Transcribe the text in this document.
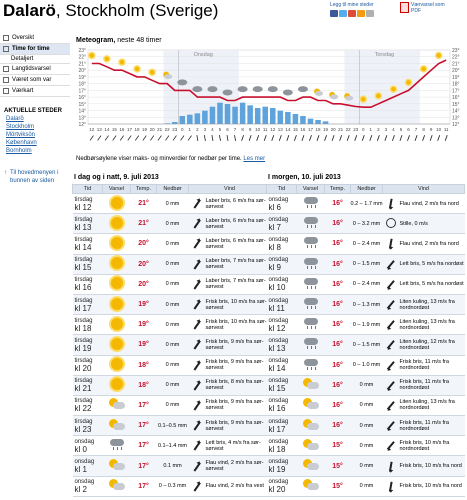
Dalarö, Stockholm (Sverige)	Legg til mine steder	Værvarsel som PDF
Oversikt
Time for time
Detaljert
Langtidsvarsel
Været som var
Værkart
AKTUELLE STEDER
Dalarö
Stockholm
Mörtviksön
København
Bornholm
↑ Til hovedmenyen i bunnen av siden
Meteogram, neste 48 timer
23°	23°
22°	22°
21°	21°
20°	20°
19°	19°
18°	18°
17°	17°
16°	16°
15°	15°
14°	14°
13°	13°
12°	12°
Onsdag	Torsdag
12 13 14 15 16 17 18 19 20 21 22 23 0 1 2 3 4 5 6 7 8 9 10 11 12 13 14 15 16 17 18 19 20 21 22 23 0 1 2 3 4 5 6 7 8 9 10 11
Nedbørsøylene viser maks- og minverdier for nedbør per time. Les mer
I dag og i natt, 9. juli 2013
Tid	Varsel	Temp.	Nedbør	Vind	

tirsdag
kl 12		21°	0 mm		Laber bris, 6 m/s fra sør-sørvest

tirsdag
kl 13		21°	0 mm		Laber bris, 6 m/s fra sør-sørvest

tirsdag
kl 14		20°	0 mm		Laber bris, 6 m/s fra sør-sørvest

tirsdag
kl 15		20°	0 mm		Laber bris, 7 m/s fra sør-sørvest

tirsdag
kl 16		20°	0 mm		Laber bris, 7 m/s fra sør-sørvest

tirsdag
kl 17		19°	0 mm		Frisk bris, 10 m/s fra sør-sørvest

tirsdag
kl 18		19°	0 mm		Frisk bris, 10 m/s fra sør-sørvest

tirsdag
kl 19		19°	0 mm		Frisk bris, 9 m/s fra sør-sørvest

tirsdag
kl 20		18°	0 mm		Frisk bris, 9 m/s fra sør-sørvest

tirsdag
kl 21		18°	0 mm		Frisk bris, 8 m/s fra sør-sørvest

tirsdag
kl 22		17°	0 mm		Frisk bris, 9 m/s fra sør-sørvest

tirsdag
kl 23		17°	0.1–0.5 mm		Frisk bris, 9 m/s fra sør-sørvest

onsdag
kl 0		17°	0.1–1.4 mm		Lett bris, 4 m/s fra sør-sørvest

onsdag
kl 1		17°	0.1 mm		Flau vind, 2 m/s fra sør-sørvest

onsdag
kl 2		17°	0 – 0.3 mm		Flau vind, 2 m/s fra vest
I morgen, 10. juli 2013
Tid	Varsel	Temp.	Nedbør	Vind	

onsdag
kl 6		16°	0.2 – 1.7 mm		Flau vind, 2 m/s fra nord

onsdag
kl 7		16°	0 – 3.2 mm		Stille, 0 m/s

onsdag
kl 8		16°	0 – 2.4 mm		Flau vind, 2 m/s fra nord

onsdag
kl 9		16°	0 – 1.5 mm		Lett bris, 5 m/s fra nordøst

onsdag
kl 10		16°	0 – 2.4 mm		Lett bris, 5 m/s fra nordøst

onsdag
kl 11		16°	0 – 1.3 mm		Liten kuling, 13 m/s fra nordnordøst

onsdag
kl 12		16°	0 – 1.9 mm		Liten kuling, 13 m/s fra nordnordøst

onsdag
kl 13		16°	0 – 1.5 mm		Liten kuling, 12 m/s fra nordnordøst

onsdag
kl 14		16°	0 – 1.0 mm		Frisk bris, 11 m/s fra nordnordøst

onsdag
kl 15		16°	0 mm		Frisk bris, 11 m/s fra nordnordøst

onsdag
kl 16		16°	0 mm		Liten kuling, 13 m/s fra nordnordøst

onsdag
kl 17		16°	0 mm		Frisk bris, 11 m/s fra nordnordøst

onsdag
kl 18		15°	0 mm		Frisk bris, 10 m/s fra nordnordøst

onsdag
kl 19		15°	0 mm		Frisk bris, 10 m/s fra nord

onsdag
kl 20		15°	0 mm		Frisk bris, 10 m/s fra nord
